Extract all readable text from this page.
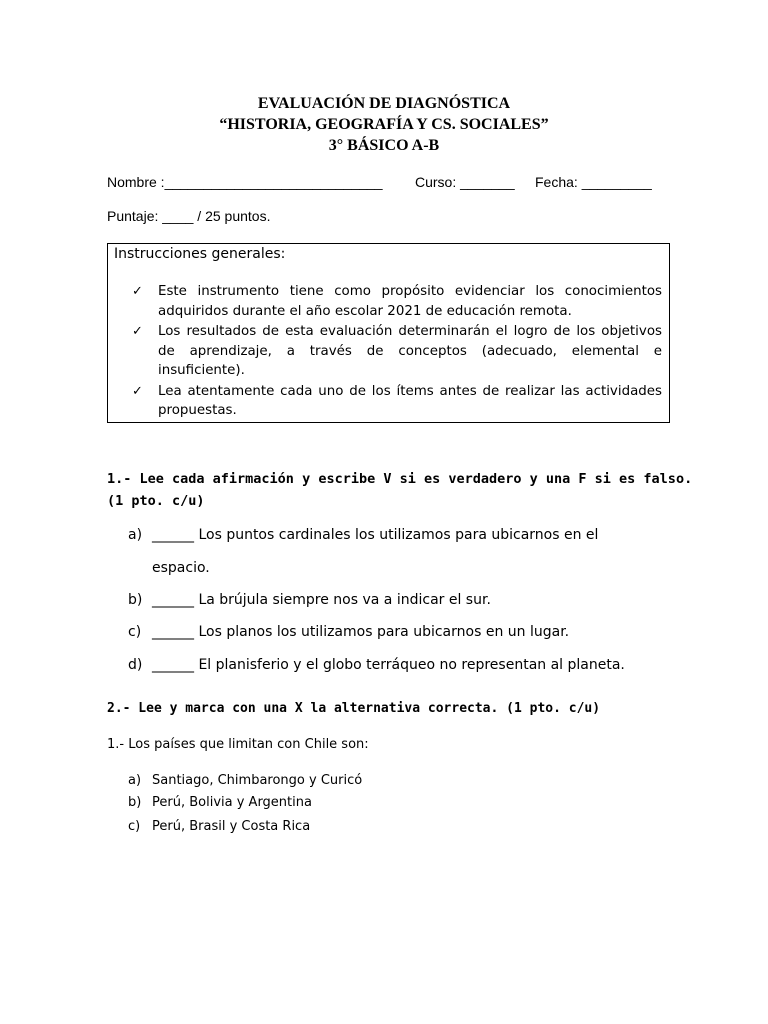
EVALUACIÓN DE DIAGNÓSTICA
“HISTORIA, GEOGRAFÍA Y CS. SOCIALES”
3° BÁSICO A-B
Nombre :____________________________ Curso: _______ Fecha: _________
Puntaje: ____ / 25 puntos.
Instrucciones generales:
✓ Este instrumento tiene como propósito evidenciar los conocimientos adquiridos durante el año escolar 2021 de educación remota.
✓ Los resultados de esta evaluación determinarán el logro de los objetivos de aprendizaje, a través de conceptos (adecuado, elemental e insuficiente).
✓ Lea atentamente cada uno de los ítems antes de realizar las actividades propuestas.
1.- Lee cada afirmación y escribe V si es verdadero y una F si es falso.
(1 pto. c/u)
a) ______ Los puntos cardinales los utilizamos para ubicarnos en el
espacio.
b) ______ La brújula siempre nos va a indicar el sur.
c) ______ Los planos los utilizamos para ubicarnos en un lugar.
d) ______ El planisferio y el globo terráqueo no representan al planeta.
2.- Lee y marca con una X la alternativa correcta. (1 pto. c/u)
1.- Los países que limitan con Chile son:
a) Santiago, Chimbarongo y Curicó
b) Perú, Bolivia y Argentina
c) Perú, Brasil y Costa Rica
